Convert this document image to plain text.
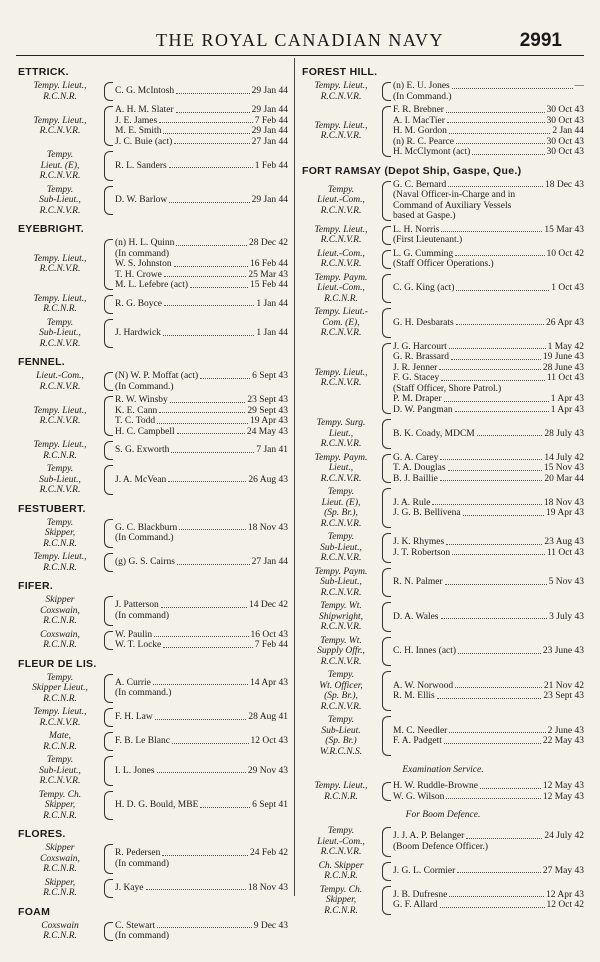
THE ROYAL CANADIAN NAVY	2991
ETTRICK.
Tempy. Lieut.,
R.C.N.R.
C. G. McIntosh	29 Jan 44
Tempy. Lieut.,
R.C.N.V.R.
A. H. M. Slater	29 Jan 44
J. E. James	7 Feb 44
M. E. Smith	29 Jan 44
J. C. Buie (act)	27 Jan 44
Tempy.
Lieut. (E),
R.C.N.V.R.
R. L. Sanders	1 Feb 44
Tempy.
Sub-Lieut.,
R.C.N.V.R.
D. W. Barlow	29 Jan 44
EYEBRIGHT.
Tempy. Lieut.,
R.C.N.V.R.
(n) H. L. Quinn	28 Dec 42
(In command)
W. S. Johnston	16 Feb 44
T. H. Crowe	25 Mar 43
M. L. Lefebre (act)	15 Feb 44
Tempy. Lieut.,
R.C.N.R.
R. G. Boyce	1 Jan 44
Tempy.
Sub-Lieut.,
R.C.N.V.R.
J. Hardwick	1 Jan 44
FENNEL.
Lieut.-Com.,
R.C.N.V.R.
(N) W. P. Moffat (act)	6 Sept 43
(In Command.)
Tempy. Lieut.,
R.C.N.V.R.
R. W. Winsby	23 Sept 43
K. E. Cann	29 Sept 43
T. C. Todd	19 Apr 43
H. C. Campbell	24 May 43
Tempy. Lieut.,
R.C.N.R.
S. G. Exworth	7 Jan 41
Tempy.
Sub-Lieut.,
R.C.N.V.R.
J. A. McVean	26 Aug 43
FESTUBERT.
Tempy.
Skipper,
R.C.N.R.
G. C. Blackburn	18 Nov 43
(In Command.)
Tempy. Lieut.,
R.C.N.R.
(g) G. S. Cairns	27 Jan 44
FIFER.
Skipper
Coxswain,
R.C.N.R.
J. Patterson	14 Dec 42
(In command)
Coxswain,
R.C.N.R.
W. Paulin	16 Oct 43
W. T. Locke	7 Feb 44
FLEUR DE LIS.
Tempy.
Skipper Lieut.,
R.C.N.R.
A. Currie	14 Apr 43
(In command.)
Tempy. Lieut.,
R.C.N.V.R.
F. H. Law	28 Aug 41
Mate,
R.C.N.R.
F. B. Le Blanc	12 Oct 43
Tempy.
Sub-Lieut.,
R.C.N.V.R.
I. L. Jones	29 Nov 43
Tempy. Ch.
Skipper,
R.C.N.R.
H. D. G. Bould, MBE	6 Sept 41
FLORES.
Skipper
Coxswain,
R.C.N.R.
R. Pedersen	24 Feb 42
(In command)
Skipper,
R.C.N.R.
J. Kaye	18 Nov 43
FOAM
Coxswain
R.C.N.R.
C. Stewart	9 Dec 43
(In command)
FOREST HILL.
Tempy. Lieut.,
R.C.N.V.R.
(n) E. U. Jones	—
(In Command.)
Tempy. Lieut.,
R.C.N.V.R.
F. R. Brebner	30 Oct 43
A. I. MacTier	30 Oct 43
H. M. Gordon	2 Jan 44
(n) R. C. Pearce	30 Oct 43
H. McClymont (act)	30 Oct 43
FORT RAMSAY (Depot Ship, Gaspe, Que.)
Tempy.
Lieut.-Com.,
R.C.N.V.R.
G. C. Bernard	18 Dec 43
(Naval Officer-in-Charge and in
Command of Auxiliary Vessels
based at Gaspe.)
Tempy. Lieut.,
R.C.N.V.R.
L. H. Norris	15 Mar 43
(First Lieutenant.)
Lieut.-Com.,
R.C.N.V.R.
L. G. Cumming	10 Oct 42
(Staff Officer Operations.)
Tempy. Paym.
Lieut.-Com.,
R.C.N.R.
C. G. King (act)	1 Oct 43
Tempy. Lieut.-
Com. (E),
R.C.N.V.R.
G. H. Desbarats	26 Apr 43
Tempy. Lieut.,
R.C.N.V.R.
J. G. Harcourt	1 May 42
G. R. Brassard	19 June 43
J. R. Jenner	28 June 43
F. G. Stacey	11 Oct 43
(Staff Officer, Shore Patrol.)
P. M. Draper	1 Apr 43
D. W. Pangman	1 Apr 43
Tempy. Surg.
Lieut.,
R.C.N.V.R.
B. K. Coady, MDCM	28 July 43
Tempy. Paym.
Lieut.,
R.C.N.V.R.
G. A. Carey	14 July 42
T. A. Douglas	15 Nov 43
B. J. Baillie	20 Mar 44
Tempy.
Lieut. (E),
(Sp. Br.),
R.C.N.V.R.
J. A. Rule	18 Nov 43
J. G. B. Bellivena	19 Apr 43
Tempy.
Sub-Lieut.,
R.C.N.V.R.
J. K. Rhymes	23 Aug 43
J. T. Robertson	11 Oct 43
Tempy. Paym.
Sub-Lieut.,
R.C.N.V.R.
R. N. Palmer	5 Nov 43
Tempy. Wt.
Shipwright,
R.C.N.V.R.
D. A. Wales	3 July 43
Tempy. Wt.
Supply Offr.,
R.C.N.V.R.
C. H. Innes (act)	23 June 43
Tempy.
Wt. Officer,
(Sp. Br.),
R.C.N.V.R.
A. W. Norwood	21 Nov 42
R. M. Ellis	23 Sept 43
Tempy.
Sub-Lieut.
(Sp. Br.)
W.R.C.N.S.
M. C. Needler	2 June 43
F. A. Padgett	22 May 43
Examination Service.
Tempy. Lieut.,
R.C.N.R.
H. W. Ruddle-Browne	12 May 43
W. G. Wilson	12 May 43
For Boom Defence.
Tempy.
Lieut.-Com.,
R.C.N.V.R.
J. J. A. P. Belanger	24 July 42
(Boom Defence Officer.)
Ch. Skipper
R.C.N.R.
J. G. L. Cormier	27 May 43
Tempy. Ch.
Skipper,
R.C.N.R.
J. B. Dufresne	12 Apr 43
G. F. Allard	12 Oct 42
